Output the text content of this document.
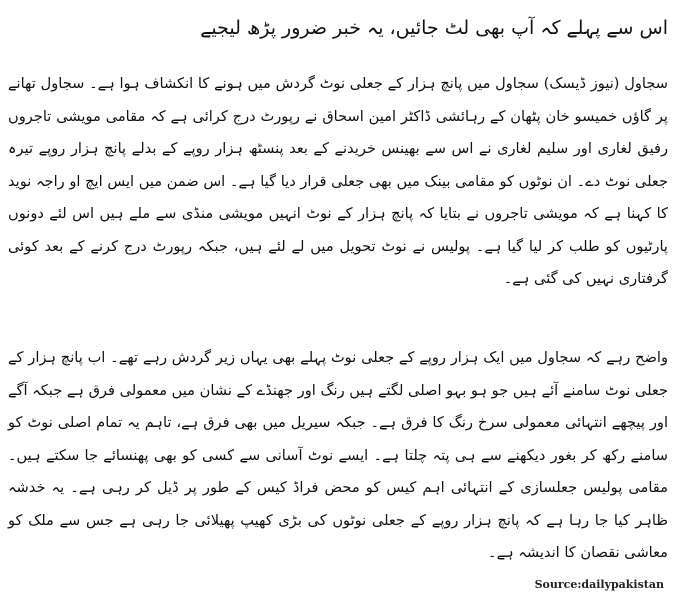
اس سے پہلے کہ آپ بھی لٹ جائیں، یہ خبر ضرور پڑھ لیجیے

سجاول (نیوز ڈیسک) سجاول میں پانچ ہزار کے جعلی نوٹ گردش میں ہونے کا انکشاف ہوا ہے۔ سجاول تھانے پر گاؤں خمیسو خان پٹھان کے رہائشی ڈاکٹر امین اسحاق نے رپورٹ درج کرائی ہے کہ مقامی مویشی تاجروں رفیق لغاری اور سلیم لغاری نے اس سے بھینس خریدنے کے بعد پنسٹھ ہزار روپے کے بدلے پانچ ہزار روپے تیرہ جعلی نوٹ دے۔ ان نوٹوں کو مقامی بینک میں بھی جعلی قرار دیا گیا ہے۔ اس ضمن میں ایس ایچ او راجہ نوید کا کہنا ہے کہ مویشی تاجروں نے بتایا کہ پانچ ہزار کے نوٹ انہیں مویشی منڈی سے ملے ہیں اس لئے دونوں پارٹیوں کو طلب کر لیا گیا ہے۔ پولیس نے نوٹ تحویل میں لے لئے ہیں، جبکہ رپورٹ درج کرنے کے بعد کوئی گرفتاری نہیں کی گئی ہے۔

واضح رہے کہ سجاول میں ایک ہزار روپے کے جعلی نوٹ پہلے بھی یہاں زیر گردش رہے تھے۔ اب پانچ ہزار کے جعلی نوٹ سامنے آئے ہیں جو ہو بہو اصلی لگتے ہیں رنگ اور جھنڈے کے نشان میں معمولی فرق ہے جبکہ آگے اور پیچھے انتہائی معمولی سرخ رنگ کا فرق ہے۔ جبکہ سیریل میں بھی فرق ہے، تاہم یہ تمام اصلی نوٹ کو سامنے رکھ کر بغور دیکھنے سے ہی پتہ چلتا ہے۔ ایسے نوٹ آسانی سے کسی کو بھی پھنسائے جا سکتے ہیں۔ مقامی پولیس جعلسازی کے انتہائی اہم کیس کو محض فراڈ کیس کے طور پر ڈیل کر رہی ہے۔ یہ خدشہ ظاہر کیا جا رہا ہے کہ پانچ ہزار روپے کے جعلی نوٹوں کی بڑی کھیپ پھیلائی جا رہی ہے جس سے ملک کو معاشی نقصان کا اندیشہ ہے۔

Source:dailypakistan
